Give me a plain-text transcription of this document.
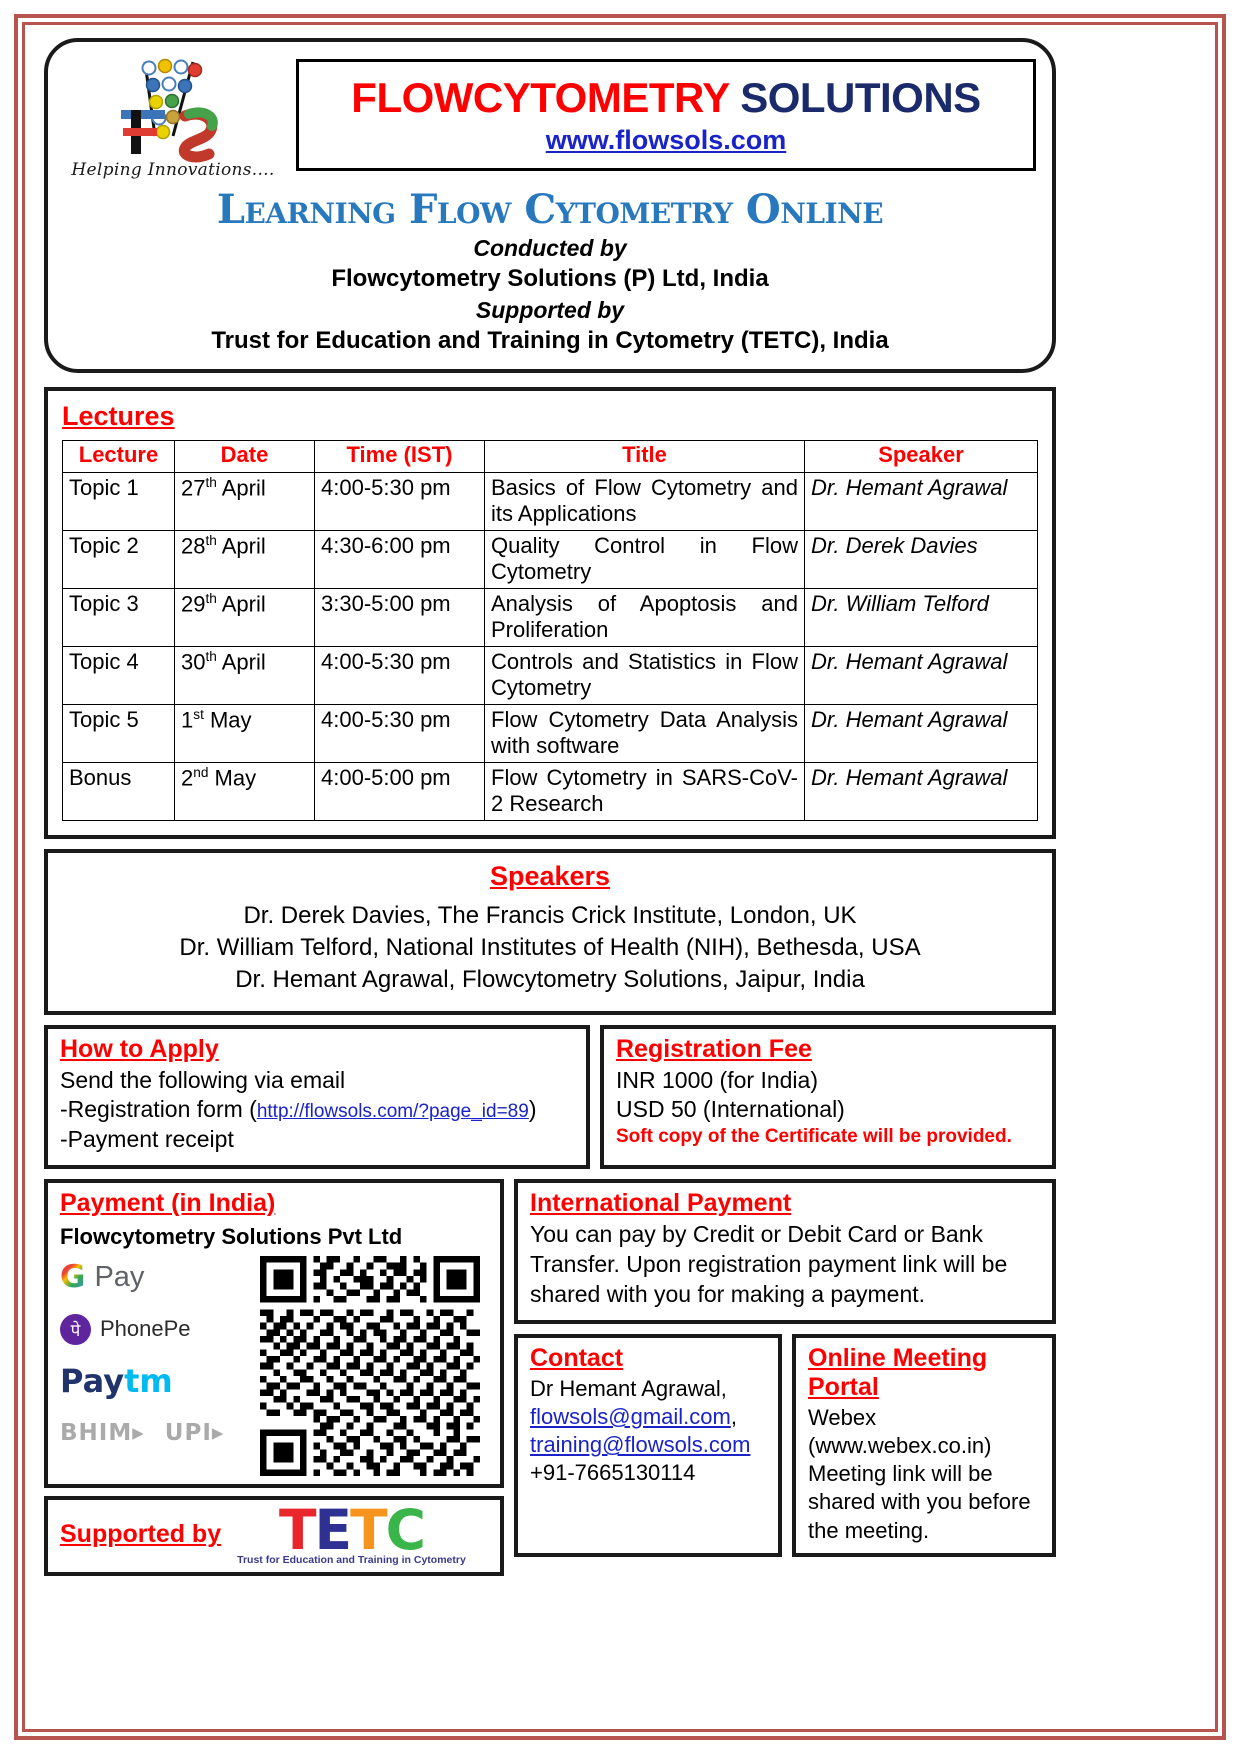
Helping Innovations....
FLOWCYTOMETRY SOLUTIONS
www.flowsols.com
Learning Flow Cytometry Online
Conducted by
Flowcytometry Solutions (P) Ltd, India
Supported by
Trust for Education and Training in Cytometry (TETC), India
Lectures
Lecture	Date	Time (IST)	Title	Speaker
Topic 1	27th April	4:00-5:30 pm	Basics of Flow Cytometry and its Applications	Dr. Hemant Agrawal
Topic 2	28th April	4:30-6:00 pm	Quality Control in Flow Cytometry	Dr. Derek Davies
Topic 3	29th April	3:30-5:00 pm	Analysis of Apoptosis and Proliferation	Dr. William Telford
Topic 4	30th April	4:00-5:30 pm	Controls and Statistics in Flow Cytometry	Dr. Hemant Agrawal
Topic 5	1st May	4:00-5:30 pm	Flow Cytometry Data Analysis with software	Dr. Hemant Agrawal
Bonus	2nd May	4:00-5:00 pm	Flow Cytometry in SARS-CoV-2 Research	Dr. Hemant Agrawal
Speakers
Dr. Derek Davies, The Francis Crick Institute, London, UK
Dr. William Telford, National Institutes of Health (NIH), Bethesda, USA
Dr. Hemant Agrawal, Flowcytometry Solutions, Jaipur, India
How to Apply
Send the following via email
-Registration form (http://flowsols.com/?page_id=89)
-Payment receipt
Registration Fee
INR 1000 (for India)
USD 50 (International)
Soft copy of the Certificate will be provided.
Payment (in India)
Flowcytometry Solutions Pvt Ltd
G Pay
पे PhonePe
Paytm
BHIM▸ UPI▸
Supported by TETC
Trust for Education and Training in Cytometry
International Payment
You can pay by Credit or Debit Card or Bank Transfer. Upon registration payment link will be shared with you for making a payment.
Contact
Dr Hemant Agrawal,
flowsols@gmail.com,
training@flowsols.com
+91-7665130114
Online Meeting Portal
Webex
(www.webex.co.in)
Meeting link will be shared with you before the meeting.
